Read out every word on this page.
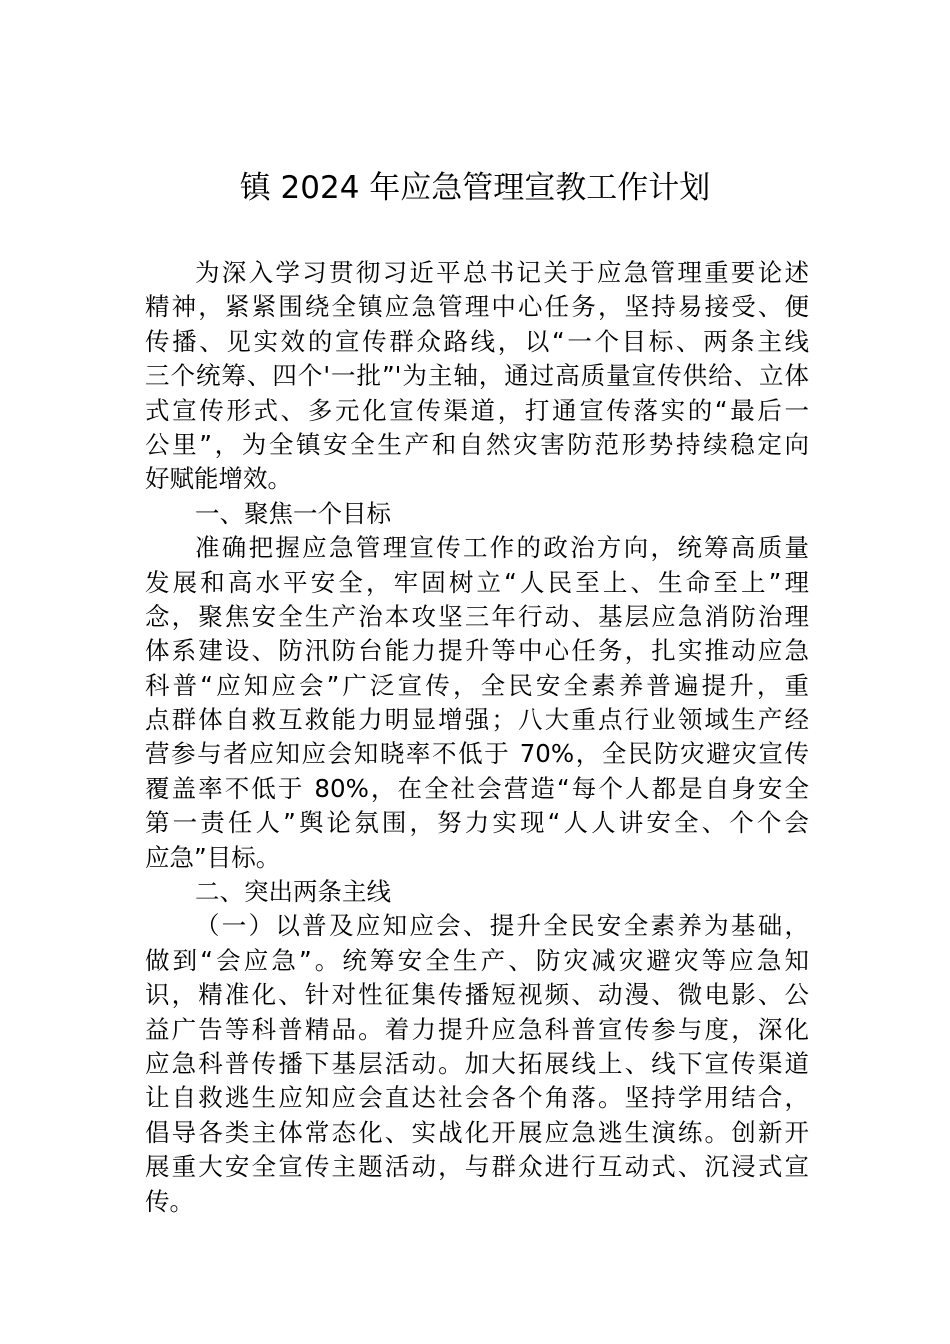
镇 2024 年应急管理宣教工作计划
为深入学习贯彻习近平总书记关于应急管理重要论述
精神，紧紧围绕全镇应急管理中心任务，坚持易接受、便
传播、见实效的宣传群众路线，以“一个目标、两条主线
三个统筹、四个'一批”'为主轴，通过高质量宣传供给、立体
式宣传形式、多元化宣传渠道，打通宣传落实的“最后一
公里”，为全镇安全生产和自然灾害防范形势持续稳定向
好赋能增效。
一、聚焦一个目标
准确把握应急管理宣传工作的政治方向，统筹高质量
发展和高水平安全，牢固树立“人民至上、生命至上”理
念，聚焦安全生产治本攻坚三年行动、基层应急消防治理
体系建设、防汛防台能力提升等中心任务，扎实推动应急
科普“应知应会”广泛宣传，全民安全素养普遍提升，重
点群体自救互救能力明显增强；八大重点行业领域生产经
营参与者应知应会知晓率不低于 70%，全民防灾避灾宣传
覆盖率不低于 80%，在全社会营造“每个人都是自身安全
第一责任人”舆论氛围，努力实现“人人讲安全、个个会
应急”目标。
二、突出两条主线
（一）以普及应知应会、提升全民安全素养为基础，
做到“会应急”。统筹安全生产、防灾减灾避灾等应急知
识，精准化、针对性征集传播短视频、动漫、微电影、公
益广告等科普精品。着力提升应急科普宣传参与度，深化
应急科普传播下基层活动。加大拓展线上、线下宣传渠道
让自救逃生应知应会直达社会各个角落。坚持学用结合，
倡导各类主体常态化、实战化开展应急逃生演练。创新开
展重大安全宣传主题活动，与群众进行互动式、沉浸式宣
传。
